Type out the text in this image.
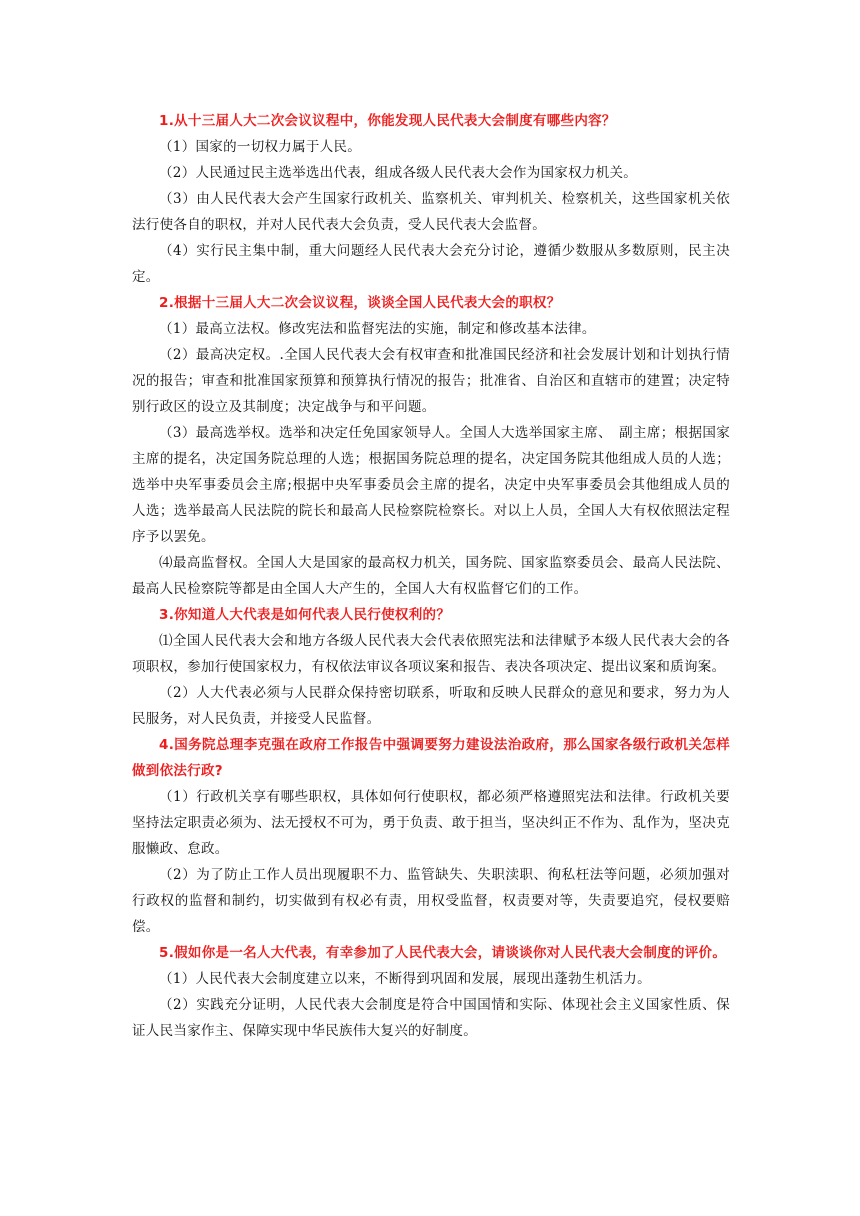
1.从十三届人大二次会议议程中，你能发现人民代表大会制度有哪些内容？

（1）国家的一切权力属于人民。

（2）人民通过民主选举选出代表，组成各级人民代表大会作为国家权力机关。

（3）由人民代表大会产生国家行政机关、监察机关、审判机关、检察机关，这些国家机关依法行使各自的职权，并对人民代表大会负责，受人民代表大会监督。

（4）实行民主集中制，重大问题经人民代表大会充分讨论，遵循少数服从多数原则，民主决定。

2.根据十三届人大二次会议议程，谈谈全国人民代表大会的职权？

（1）最高立法权。修改宪法和监督宪法的实施，制定和修改基本法律。

（2）最高决定权。.全国人民代表大会有权审查和批准国民经济和社会发展计划和计划执行情况的报告；审查和批准国家预算和预算执行情况的报告；批准省、自治区和直辖市的建置；决定特别行政区的设立及其制度；决定战争与和平问题。

（3）最高选举权。选举和决定任免国家领导人。全国人大选举国家主席、　副主席；根据国家主席的提名，决定国务院总理的人选；根据国务院总理的提名，决定国务院其他组成人员的人选；选举中央军事委员会主席;根据中央军事委员会主席的提名，决定中央军事委员会其他组成人员的人选；选举最高人民法院的院长和最高人民检察院检察长。对以上人员，全国人大有权依照法定程序予以罢免。

⑷最高监督权。全国人大是国家的最高权力机关，国务院、国家监察委员会、最高人民法院、最高人民检察院等都是由全国人大产生的，全国人大有权监督它们的工作。

3.你知道人大代表是如何代表人民行使权利的？

⑴全国人民代表大会和地方各级人民代表大会代表依照宪法和法律赋予本级人民代表大会的各项职权，参加行使国家权力，有权依法审议各项议案和报告、表决各项决定、提出议案和质询案。

（2）人大代表必须与人民群众保持密切联系，听取和反映人民群众的意见和要求，努力为人民服务，对人民负责，并接受人民监督。

4.国务院总理李克强在政府工作报告中强调要努力建设法治政府，那么国家各级行政机关怎样做到依法行政?

（1）行政机关享有哪些职权，具体如何行使职权，都必须严格遵照宪法和法律。行政机关要坚持法定职责必须为、法无授权不可为，勇于负责、敢于担当，坚决纠正不作为、乱作为，坚决克服懒政、怠政。

（2）为了防止工作人员出现履职不力、监管缺失、失职渎职、徇私枉法等问题，必须加强对行政权的监督和制约，切实做到有权必有责，用权受监督，权责要对等，失责要追究，侵权要赔偿。

5.假如你是一名人大代表，有幸参加了人民代表大会，请谈谈你对人民代表大会制度的评价。

（1）人民代表大会制度建立以来，不断得到巩固和发展，展现出蓬勃生机活力。

（2）实践充分证明，人民代表大会制度是符合中国国情和实际、体现社会主义国家性质、保证人民当家作主、保障实现中华民族伟大复兴的好制度。
